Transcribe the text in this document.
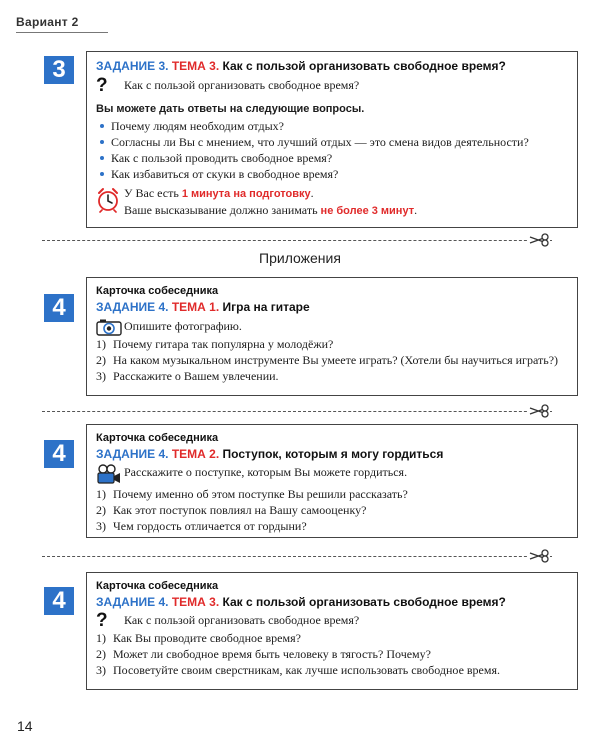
Вариант 2
3	ЗАДАНИЕ 3. ТЕМА 3. Как с пользой организовать свободное время?
? Как с пользой организовать свободное время?
Вы можете дать ответы на следующие вопросы.
Почему людям необходим отдых?
Согласны ли Вы с мнением, что лучший отдых — это смена видов деятельности?
Как с пользой проводить свободное время?
Как избавиться от скуки в свободное время?
У Вас есть 1 минута на подготовку.
Ваше высказывание должно занимать не более 3 минут.
Приложения
4
Карточка собеседника
ЗАДАНИЕ 4. ТЕМА 1. Игра на гитаре
Опишите фотографию.
1) Почему гитара так популярна у молодёжи?
2) На каком музыкальном инструменте Вы умеете играть? (Хотели бы научиться играть?)
3) Расскажите о Вашем увлечении.
4
Карточка собеседника
ЗАДАНИЕ 4. ТЕМА 2. Поступок, которым я могу гордиться
Расскажите о поступке, которым Вы можете гордиться.
1) Почему именно об этом поступке Вы решили рассказать?
2) Как этот поступок повлиял на Вашу самооценку?
3) Чем гордость отличается от гордыни?
4
Карточка собеседника
ЗАДАНИЕ 4. ТЕМА 3. Как с пользой организовать свободное время?
? Как с пользой организовать свободное время?
1) Как Вы проводите свободное время?
2) Может ли свободное время быть человеку в тягость? Почему?
3) Посоветуйте своим сверстникам, как лучше использовать свободное время.
14
